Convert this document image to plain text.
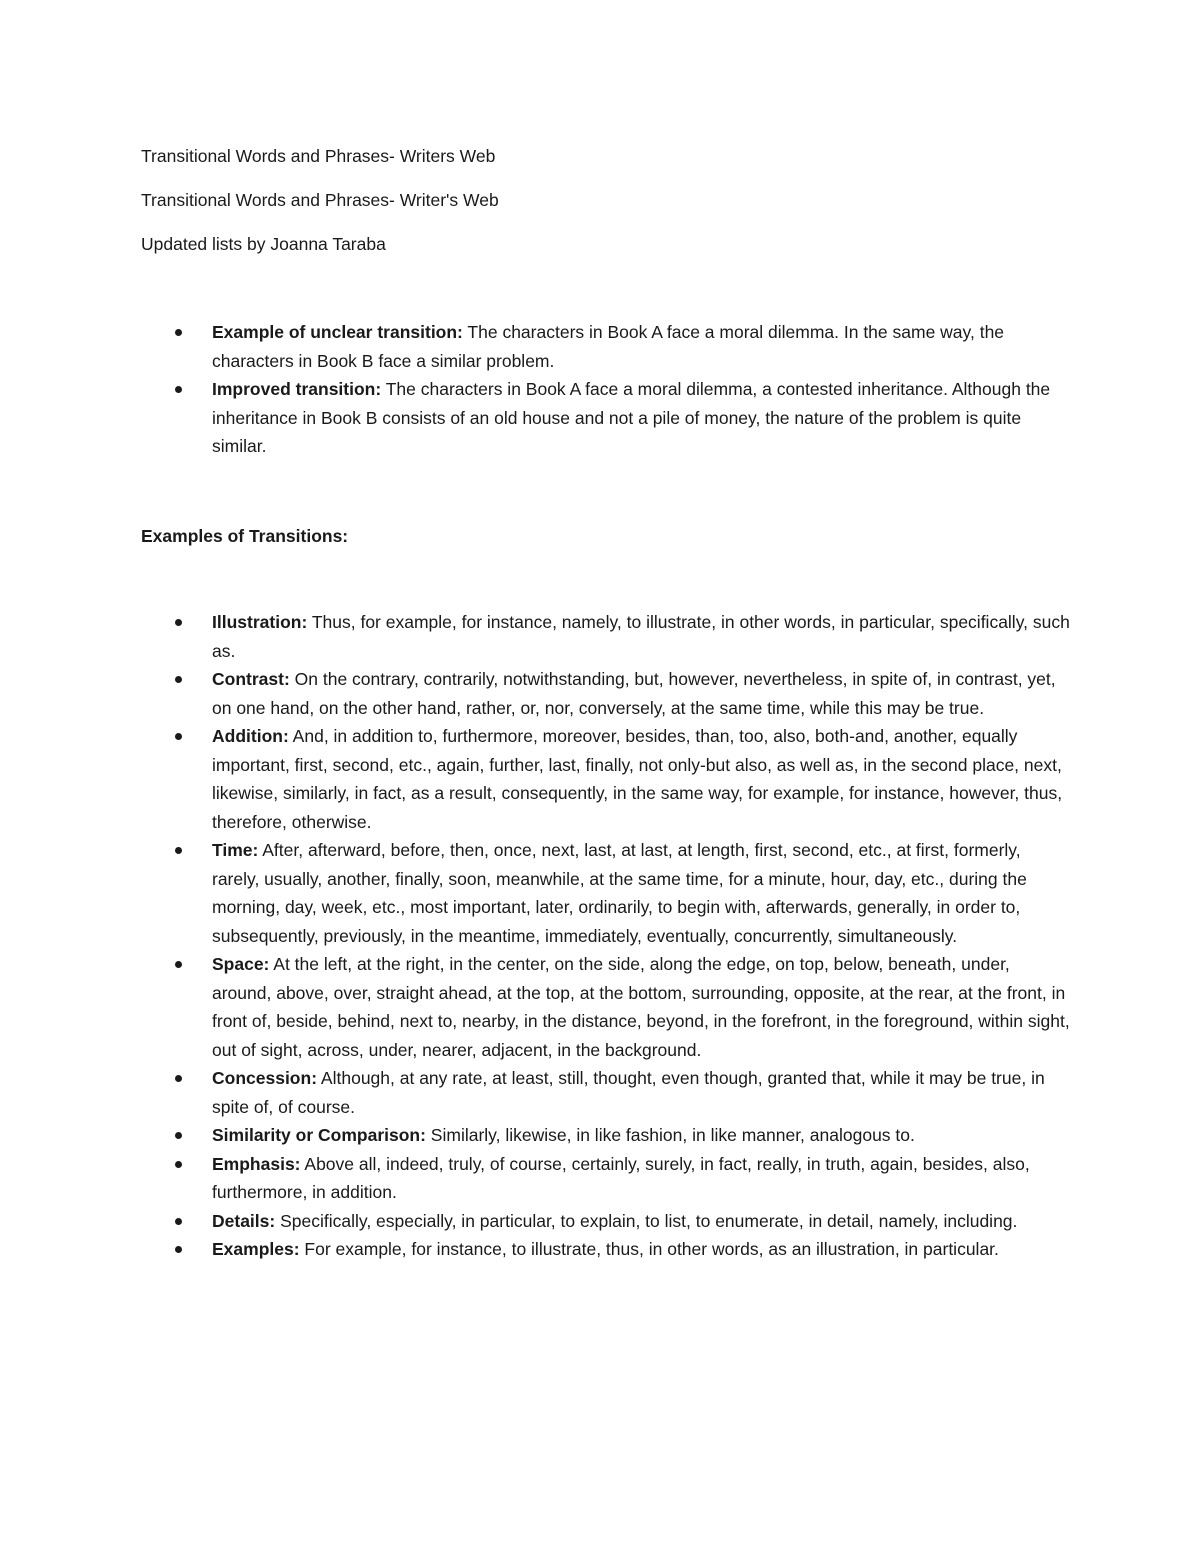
Transitional Words and Phrases- Writers Web

Transitional Words and Phrases- Writer's Web

Updated lists by Joanna Taraba

Example of unclear transition: The characters in Book A face a moral dilemma. In the same way, the characters in Book B face a similar problem.
Improved transition: The characters in Book A face a moral dilemma, a contested inheritance. Although the inheritance in Book B consists of an old house and not a pile of money, the nature of the problem is quite similar.

Examples of Transitions:

Illustration: Thus, for example, for instance, namely, to illustrate, in other words, in particular, specifically, such as.
Contrast: On the contrary, contrarily, notwithstanding, but, however, nevertheless, in spite of, in contrast, yet, on one hand, on the other hand, rather, or, nor, conversely, at the same time, while this may be true.
Addition: And, in addition to, furthermore, moreover, besides, than, too, also, both-and, another, equally important, first, second, etc., again, further, last, finally, not only-but also, as well as, in the second place, next, likewise, similarly, in fact, as a result, consequently, in the same way, for example, for instance, however, thus, therefore, otherwise.
Time: After, afterward, before, then, once, next, last, at last, at length, first, second, etc., at first, formerly, rarely, usually, another, finally, soon, meanwhile, at the same time, for a minute, hour, day, etc., during the morning, day, week, etc., most important, later, ordinarily, to begin with, afterwards, generally, in order to, subsequently, previously, in the meantime, immediately, eventually, concurrently, simultaneously.
Space: At the left, at the right, in the center, on the side, along the edge, on top, below, beneath, under, around, above, over, straight ahead, at the top, at the bottom, surrounding, opposite, at the rear, at the front, in front of, beside, behind, next to, nearby, in the distance, beyond, in the forefront, in the foreground, within sight, out of sight, across, under, nearer, adjacent, in the background.
Concession: Although, at any rate, at least, still, thought, even though, granted that, while it may be true, in spite of, of course.
Similarity or Comparison: Similarly, likewise, in like fashion, in like manner, analogous to.
Emphasis: Above all, indeed, truly, of course, certainly, surely, in fact, really, in truth, again, besides, also, furthermore, in addition.
Details: Specifically, especially, in particular, to explain, to list, to enumerate, in detail, namely, including.
Examples: For example, for instance, to illustrate, thus, in other words, as an illustration, in particular.
